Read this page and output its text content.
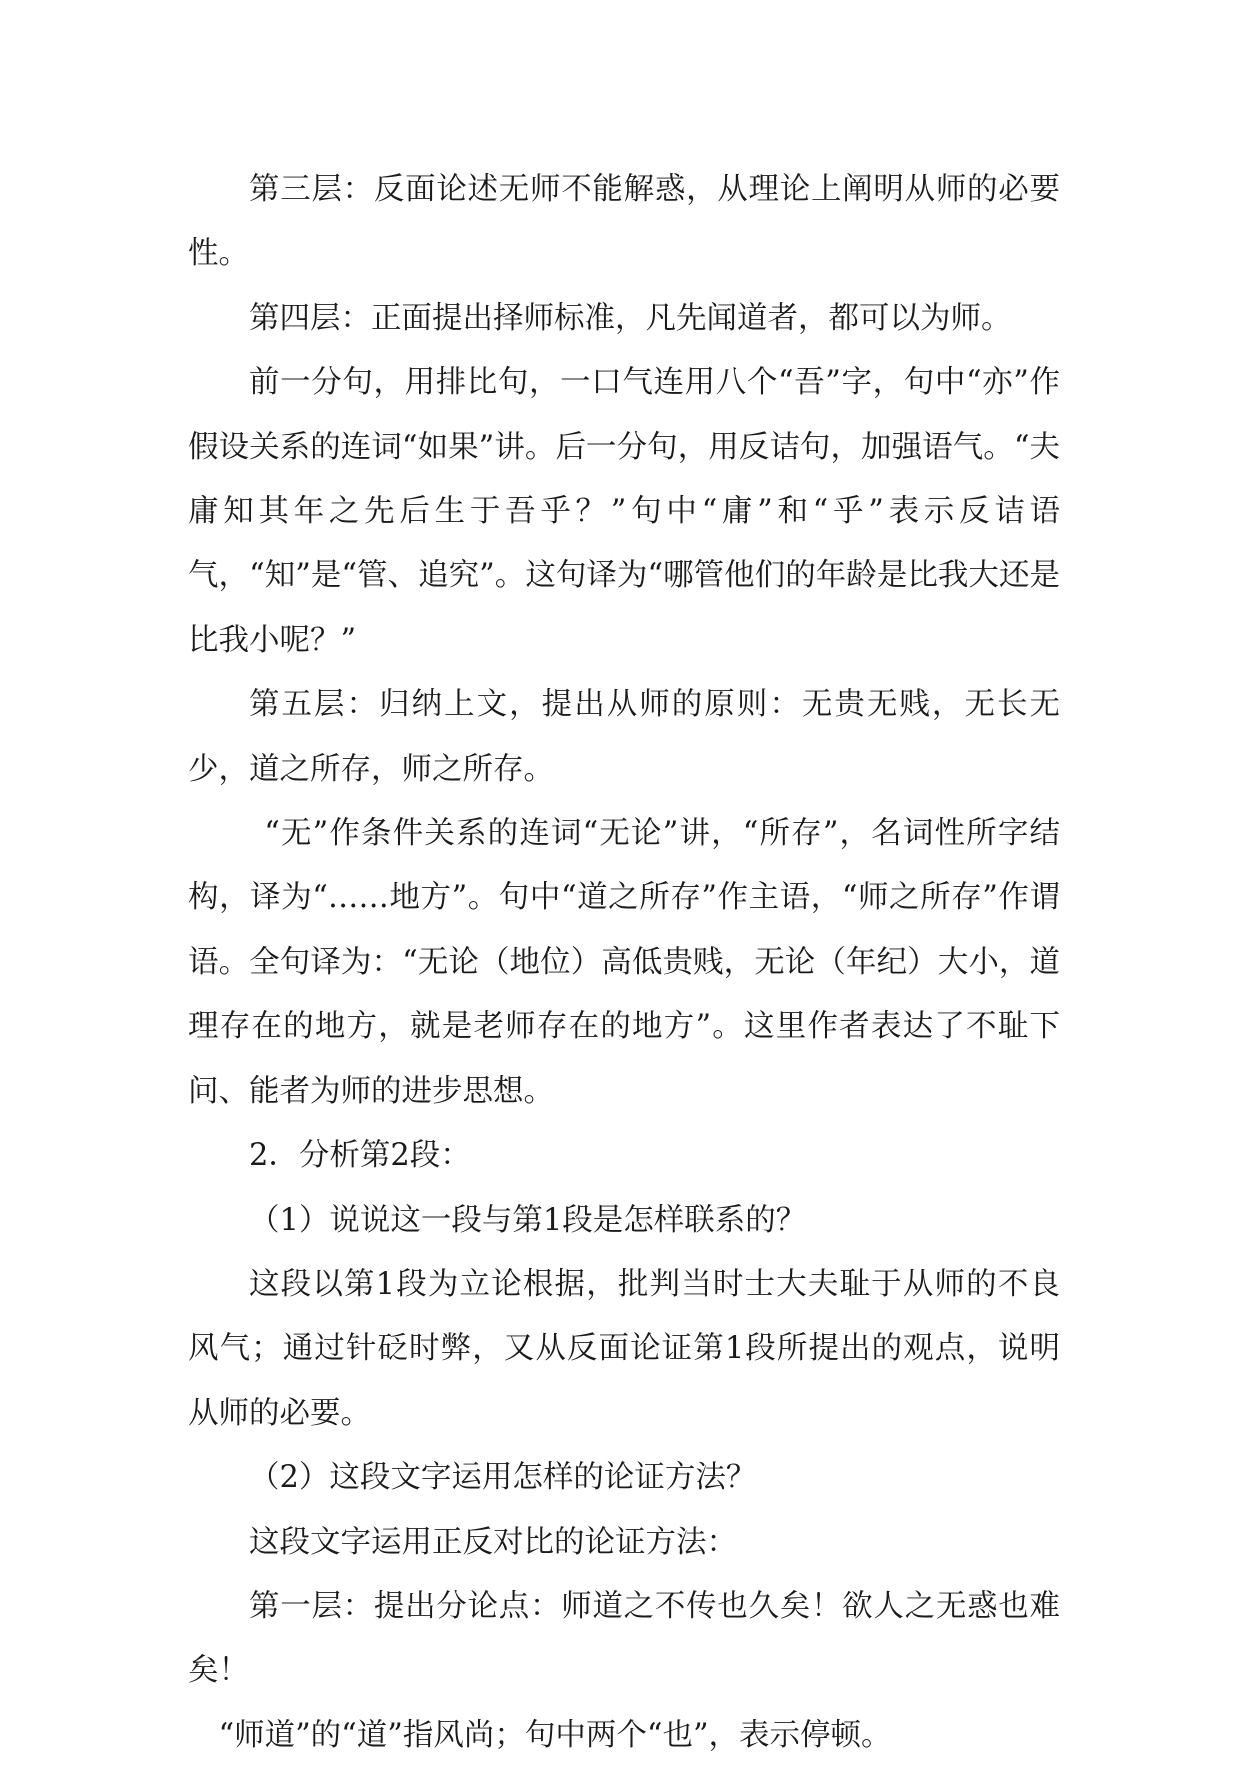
第三层：反面论述无师不能解惑，从理论上阐明从师的必要性。

第四层：正面提出择师标准，凡先闻道者，都可以为师。

前一分句，用排比句，一口气连用八个“吾”字，句中“亦”作假设关系的连词“如果”讲。后一分句，用反诘句，加强语气。“夫庸知其年之先后生于吾乎？”句中“庸”和“乎”表示反诘语气，“知”是“管、追究”。这句译为“哪管他们的年龄是比我大还是比我小呢？”

第五层：归纳上文，提出从师的原则：无贵无贱，无长无少，道之所存，师之所存。

“无”作条件关系的连词“无论”讲，“所存”，名词性所字结构，译为“……地方”。句中“道之所存”作主语，“师之所存”作谓语。全句译为：“无论（地位）高低贵贱，无论（年纪）大小，道理存在的地方，就是老师存在的地方”。这里作者表达了不耻下问、能者为师的进步思想。

2．分析第2段：

（1）说说这一段与第1段是怎样联系的？

这段以第1段为立论根据，批判当时士大夫耻于从师的不良风气；通过针砭时弊，又从反面论证第1段所提出的观点，说明从师的必要。

（2）这段文字运用怎样的论证方法？

这段文字运用正反对比的论证方法：

第一层：提出分论点：师道之不传也久矣！欲人之无惑也难矣！

“师道”的“道”指风尚；句中两个“也”，表示停顿。
